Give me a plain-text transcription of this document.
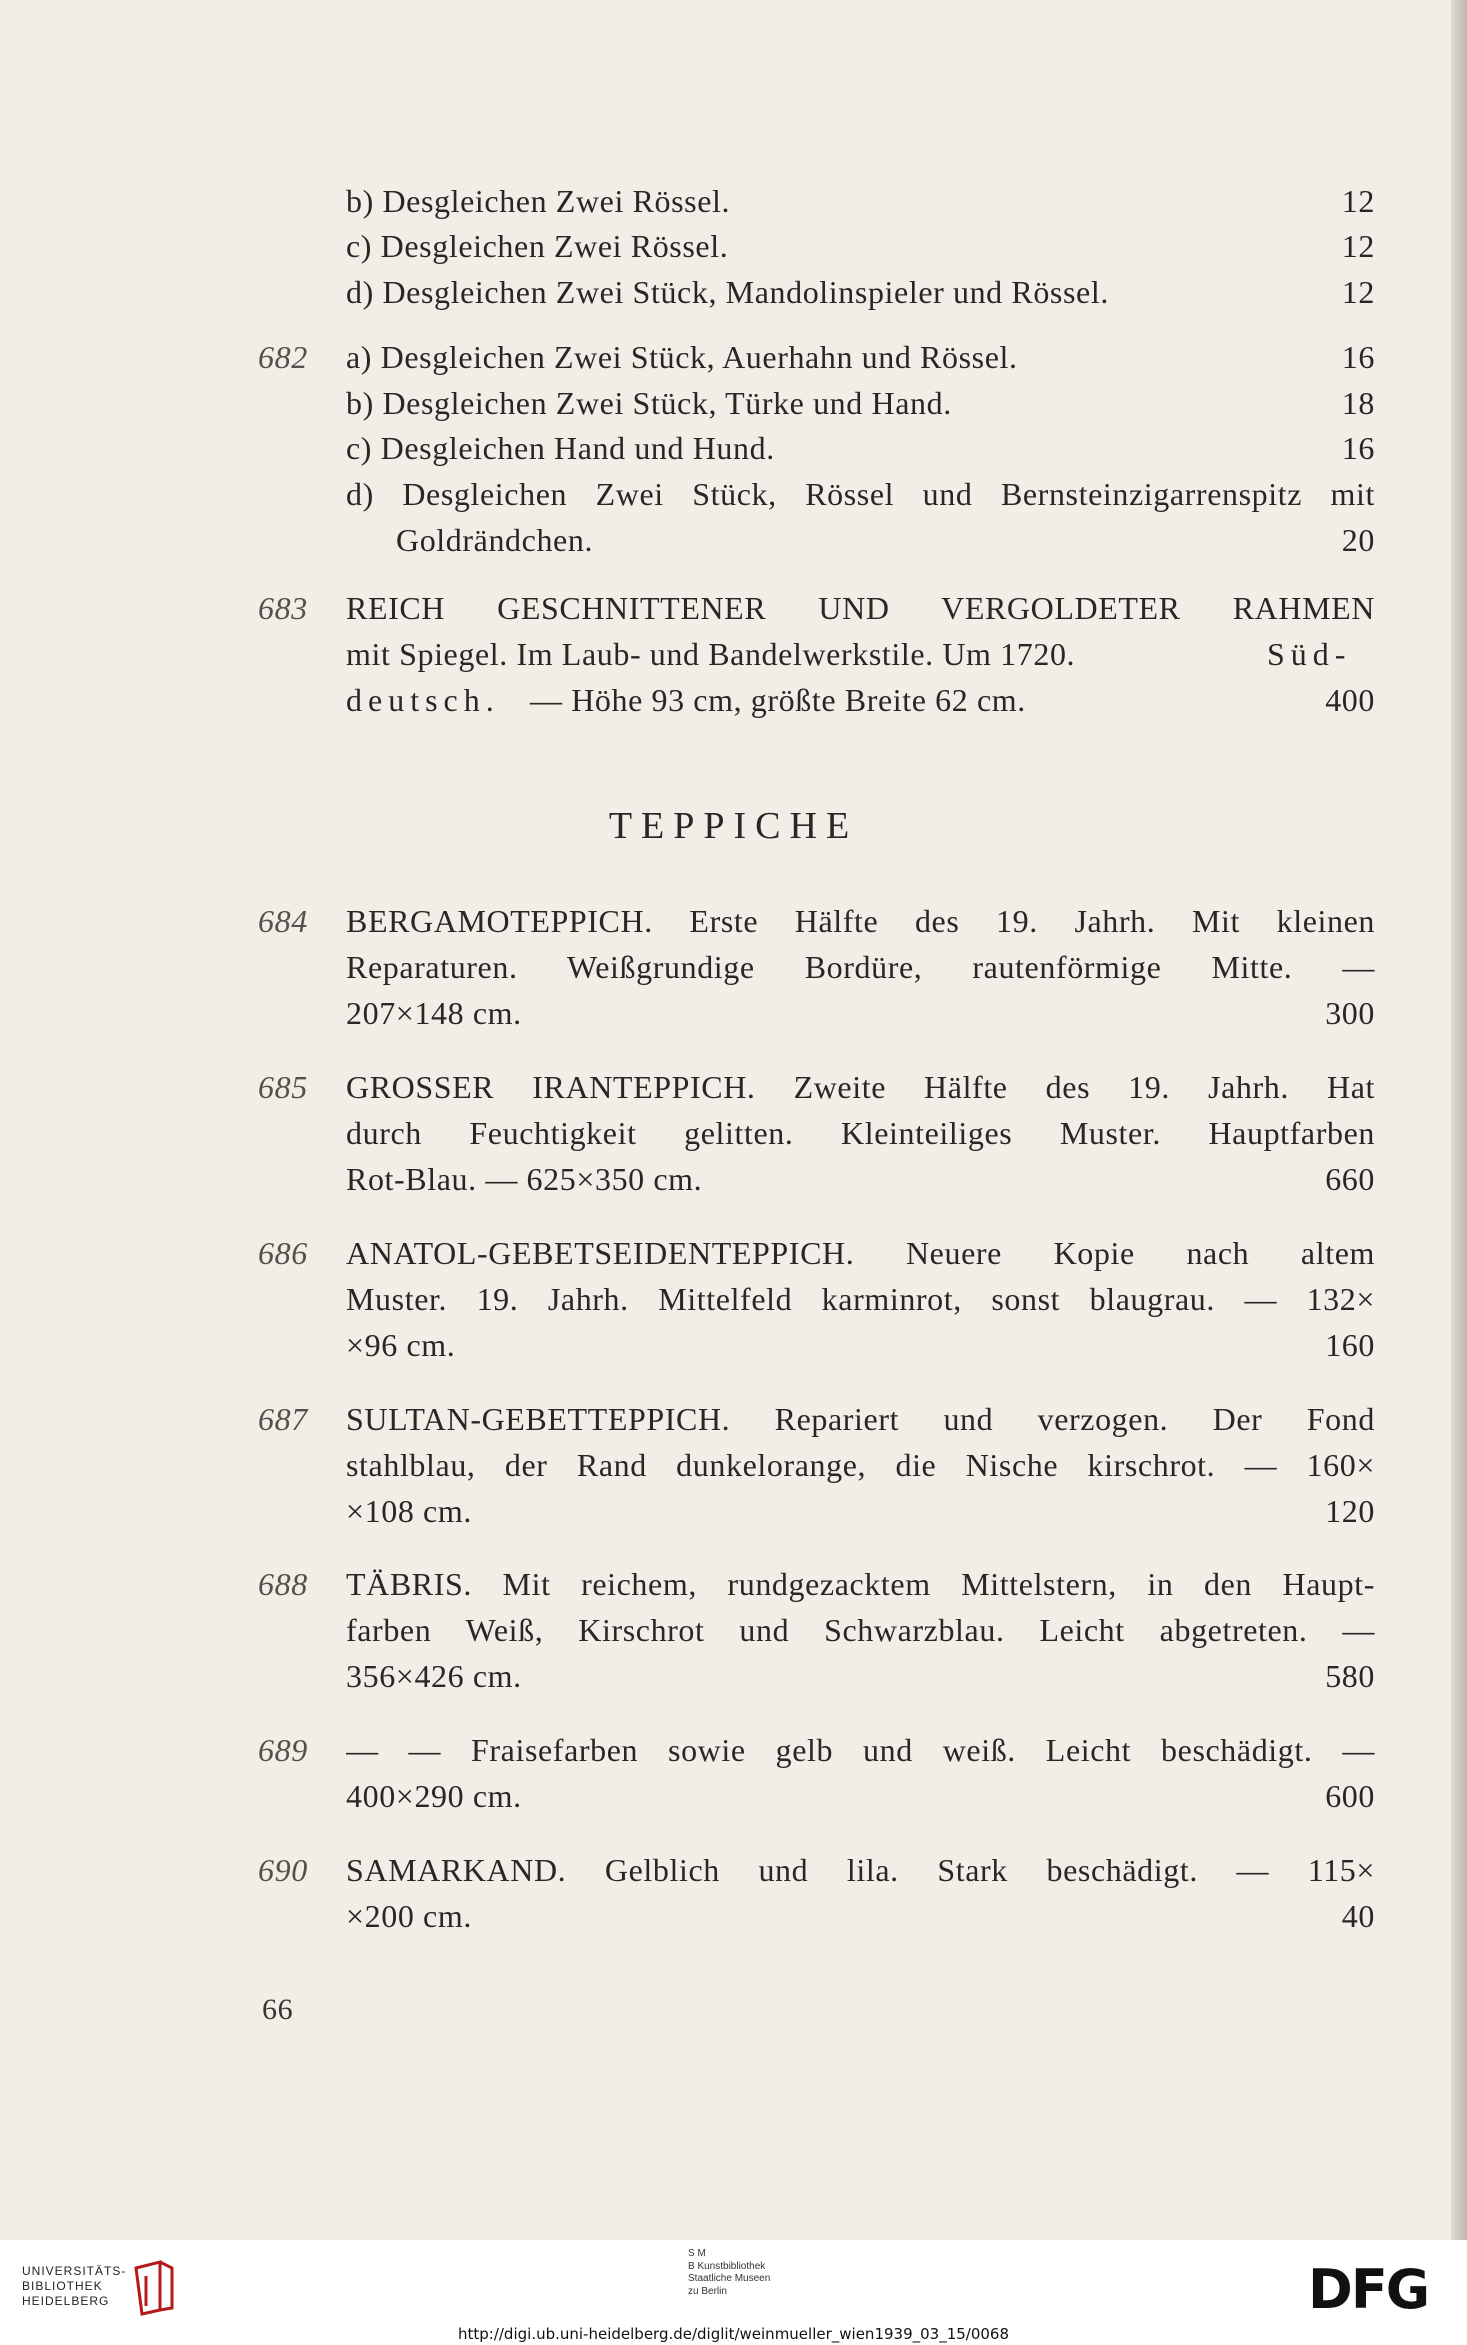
b) Desgleichen Zwei Rössel.	12
c) Desgleichen Zwei Rössel.	12
d) Desgleichen Zwei Stück, Mandolinspieler und Rössel.	12
682	a) Desgleichen Zwei Stück, Auerhahn und Rössel.	16
b) Desgleichen Zwei Stück, Türke und Hand.	18
c) Desgleichen Hand und Hund.	16
d) Desgleichen Zwei Stück, Rössel und Bernsteinzigarrenspitz mit
Goldrändchen.	20
683	REICH GESCHNITTENER UND VERGOLDETER RAHMEN
mit Spiegel. Im Laub- und Bandelwerkstile. Um 1720.	Süd-
deutsch. — Höhe 93 cm, größte Breite 62 cm.	400
TEPPICHE
684	BERGAMOTEPPICH. Erste Hälfte des 19. Jahrh. Mit kleinen
Reparaturen. Weißgrundige Bordüre, rautenförmige Mitte. —
207×148 cm.	300
685	GROSSER IRANTEPPICH. Zweite Hälfte des 19. Jahrh. Hat
durch Feuchtigkeit gelitten. Kleinteiliges Muster. Hauptfarben
Rot-Blau. — 625×350 cm.	660
686	ANATOL-GEBETSEIDENTEPPICH. Neuere Kopie nach altem
Muster. 19. Jahrh. Mittelfeld karminrot, sonst blaugrau. — 132×
×96 cm.	160
687	SULTAN-GEBETTEPPICH. Repariert und verzogen. Der Fond
stahlblau, der Rand dunkelorange, die Nische kirschrot. — 160×
×108 cm.	120
688	TÄBRIS. Mit reichem, rundgezacktem Mittelstern, in den Haupt-
farben Weiß, Kirschrot und Schwarzblau. Leicht abgetreten. —
356×426 cm.	580
689	— — Fraisefarben sowie gelb und weiß. Leicht beschädigt. —
400×290 cm.	600
690	SAMARKAND. Gelblich und lila. Stark beschädigt. — 115×
×200 cm.	40
66
UNIVERSITÄTS-
BIBLIOTHEK
HEIDELBERG
S M
B Kunstbibliothek
Staatliche Museen
zu Berlin	DFG
http://digi.ub.uni-heidelberg.de/diglit/weinmueller_wien1939_03_15/0068
